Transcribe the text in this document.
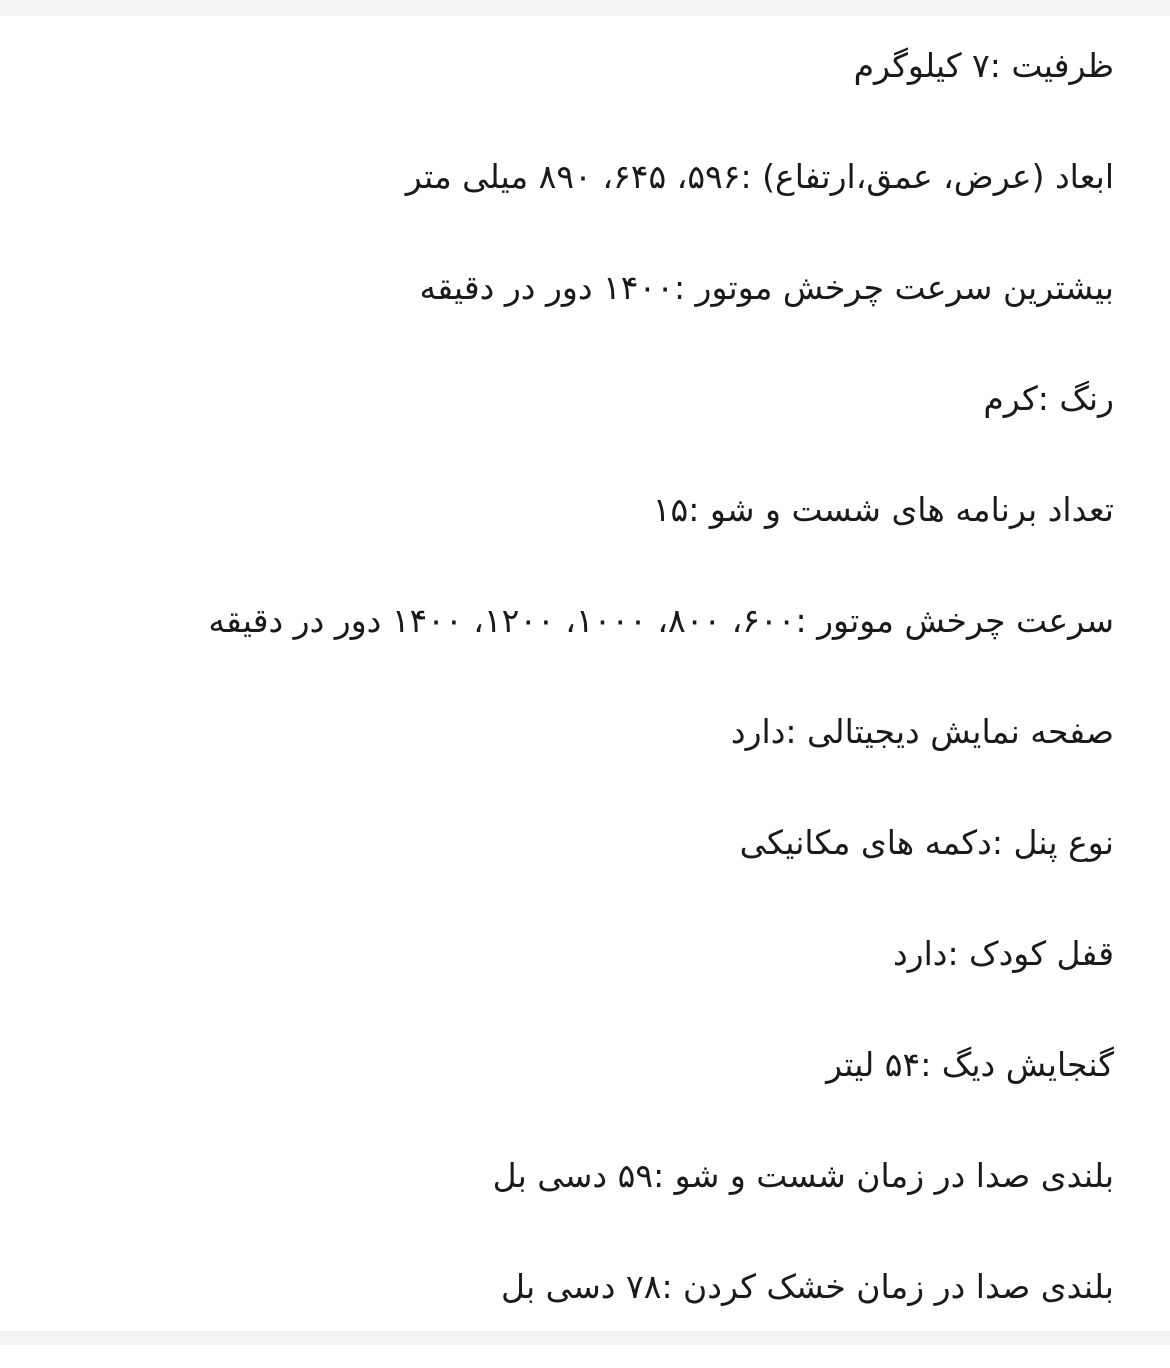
ظرفیت :۷ کیلوگرم
ابعاد (عرض، عمق،ارتفاع) :۵۹۶، ۶۴۵، ۸۹۰ میلی متر
بیشترین سرعت چرخش موتور :۱۴۰۰ دور در دقیقه
رنگ :کرم
تعداد برنامه های شست و شو :۱۵
سرعت چرخش موتور :۶۰۰، ۸۰۰، ۱۰۰۰، ۱۲۰۰، ۱۴۰۰ دور در دقیقه
صفحه نمایش دیجیتالی :دارد
نوع پنل :دکمه های مکانیکی
قفل کودک :دارد
گنجایش دیگ :۵۴ لیتر
بلندی صدا در زمان شست و شو :۵۹ دسی بل
بلندی صدا در زمان خشک کردن :۷۸ دسی بل
